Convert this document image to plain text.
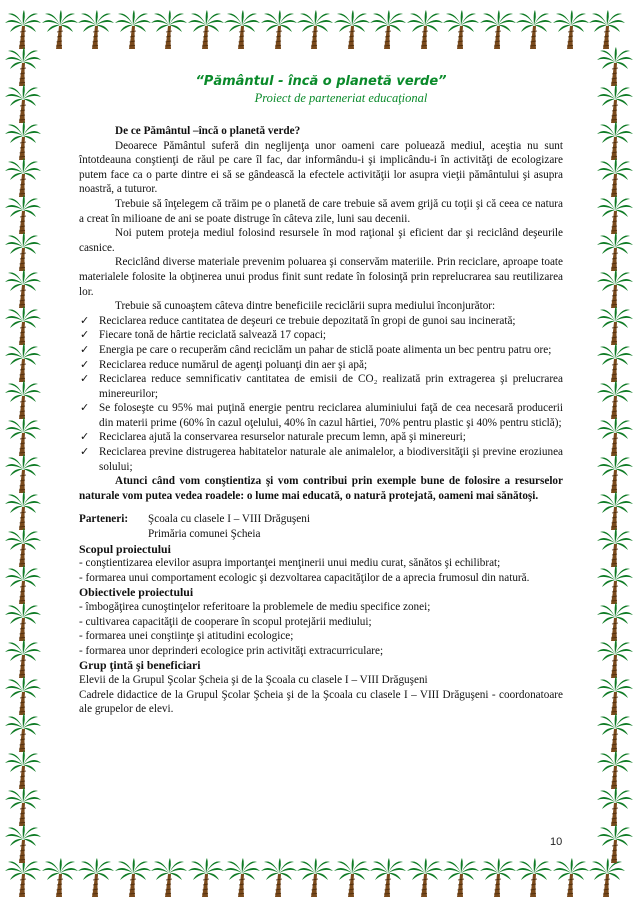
“Pământul - încă o planetă verde”
Proiect de parteneriat educaţional

De ce Pământul –încă o planetă verde?

Deoarece Pământul suferă din neglijenţa unor oameni care poluează mediul, aceştia nu sunt întotdeauna conştienţi de răul pe care îl fac, dar informându-i şi implicându-i în activităţi de ecologizare putem face ca o parte dintre ei să se gândească la efectele activităţii lor asupra vieţii pământului şi asupra noastră, a tuturor.

Trebuie să înţelegem că trăim pe o planetă de care trebuie să avem grijă cu toţii şi că ceea ce natura a creat în milioane de ani se poate distruge în câteva zile, luni sau decenii.

Noi putem proteja mediul folosind resursele în mod raţional şi eficient dar şi reciclând deşeurile casnice.

Reciclând diverse materiale prevenim poluarea şi conservăm materiile. Prin reciclare, aproape toate materialele folosite la obţinerea unui produs finit sunt redate în folosinţă prin reprelucrarea sau reutilizarea lor.

Trebuie să cunoaştem câteva dintre beneficiile reciclării supra mediului înconjurător:

✓ Reciclarea reduce cantitatea de deşeuri ce trebuie depozitată în gropi de gunoi sau incinerată;
✓ Fiecare tonă de hârtie reciclată salvează 17 copaci;
✓ Energia pe care o recuperăm când reciclăm un pahar de sticlă poate alimenta un bec pentru patru ore;
✓ Reciclarea reduce numărul de agenţi poluanţi din aer şi apă;
✓ Reciclarea reduce semnificativ cantitatea de emisii de CO₂ realizată prin extragerea şi prelucrarea minereurilor;
✓ Se foloseşte cu 95% mai puţină energie pentru reciclarea aluminiului faţă de cea necesară producerii din materii prime (60% în cazul oţelului, 40% în cazul hârtiei, 70% pentru plastic şi 40% pentru sticlă);
✓ Reciclarea ajută la conservarea resurselor naturale precum lemn, apă şi minereuri;
✓ Reciclarea previne distrugerea habitatelor naturale ale animalelor, a biodiversităţii şi previne eroziunea solului;

Atunci când vom conştientiza şi vom contribui prin exemple bune de folosire a resurselor naturale vom putea vedea roadele: o lume mai educată, o natură protejată, oameni mai sănătoşi.

Parteneri:	Şcoala cu clasele I – VIII Drăguşeni
Primăria comunei Şcheia
Scopul proiectului

- conştientizarea elevilor asupra importanţei menţinerii unui mediu curat, sănătos şi echilibrat;

- formarea unui comportament ecologic şi dezvoltarea capacităţilor de a aprecia frumosul din natură.

Obiectivele proiectului

- îmbogăţirea cunoştinţelor referitoare la problemele de mediu specifice zonei;

- cultivarea capacităţii de cooperare în scopul protejării mediului;

- formarea unei conştiinţe şi atitudini ecologice;

- formarea unor deprinderi ecologice prin activităţi extracurriculare;

Grup ţintă şi beneficiari

Elevii de la Grupul Şcolar Şcheia şi de la Şcoala cu clasele I – VIII Drăguşeni

Cadrele didactice de la Grupul Şcolar Şcheia şi de la Şcoala cu clasele I – VIII Drăguşeni - coordonatoare ale grupelor de elevi.

10
